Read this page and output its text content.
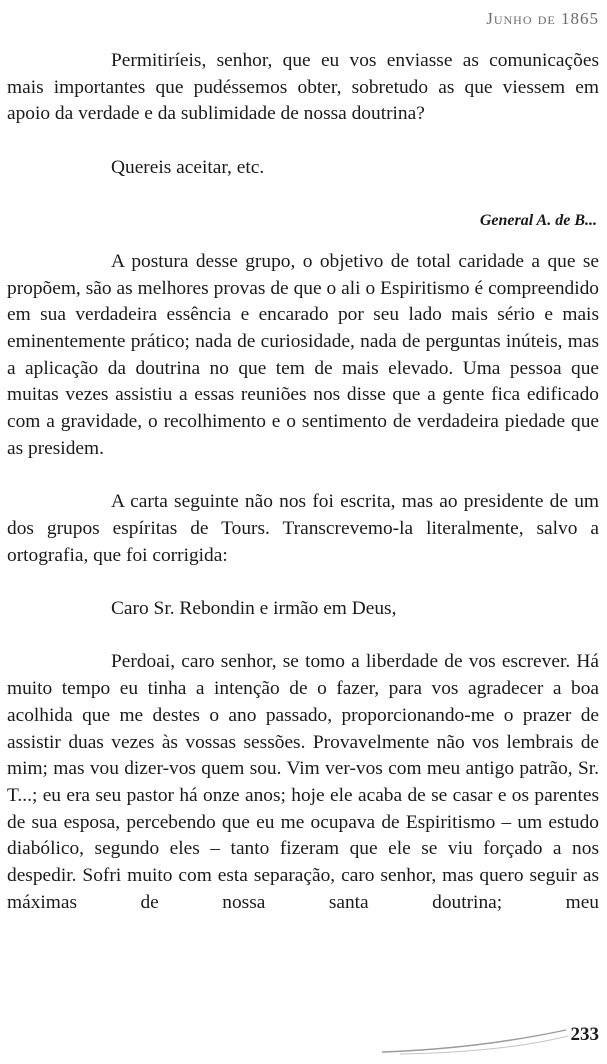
Junho de 1865

Permitiríeis, senhor, que eu vos enviasse as comunicações mais importantes que pudéssemos obter, sobretudo as que viessem em apoio da verdade e da sublimidade de nossa doutrina?

Quereis aceitar, etc.

General A. de B...

A postura desse grupo, o objetivo de total caridade a que se propõem, são as melhores provas de que o ali o Espiritismo é compreendido em sua verdadeira essência e encarado por seu lado mais sério e mais eminentemente prático; nada de curiosidade, nada de perguntas inúteis, mas a aplicação da doutrina no que tem de mais elevado. Uma pessoa que muitas vezes assistiu a essas reuniões nos disse que a gente fica edificado com a gravidade, o recolhimento e o sentimento de verdadeira piedade que as presidem.

A carta seguinte não nos foi escrita, mas ao presidente de um dos grupos espíritas de Tours. Transcrevemo-la literalmente, salvo a ortografia, que foi corrigida:

Caro Sr. Rebondin e irmão em Deus,

Perdoai, caro senhor, se tomo a liberdade de vos escrever. Há muito tempo eu tinha a intenção de o fazer, para vos agradecer a boa acolhida que me destes o ano passado, proporcionando-me o prazer de assistir duas vezes às vossas sessões. Provavelmente não vos lembrais de mim; mas vou dizer-vos quem sou. Vim ver-vos com meu antigo patrão, Sr. T...; eu era seu pastor há onze anos; hoje ele acaba de se casar e os parentes de sua esposa, percebendo que eu me ocupava de Espiritismo – um estudo diabólico, segundo eles – tanto fizeram que ele se viu forçado a nos despedir. Sofri muito com esta separação, caro senhor, mas quero seguir as máximas de nossa santa doutrina; meu

233
